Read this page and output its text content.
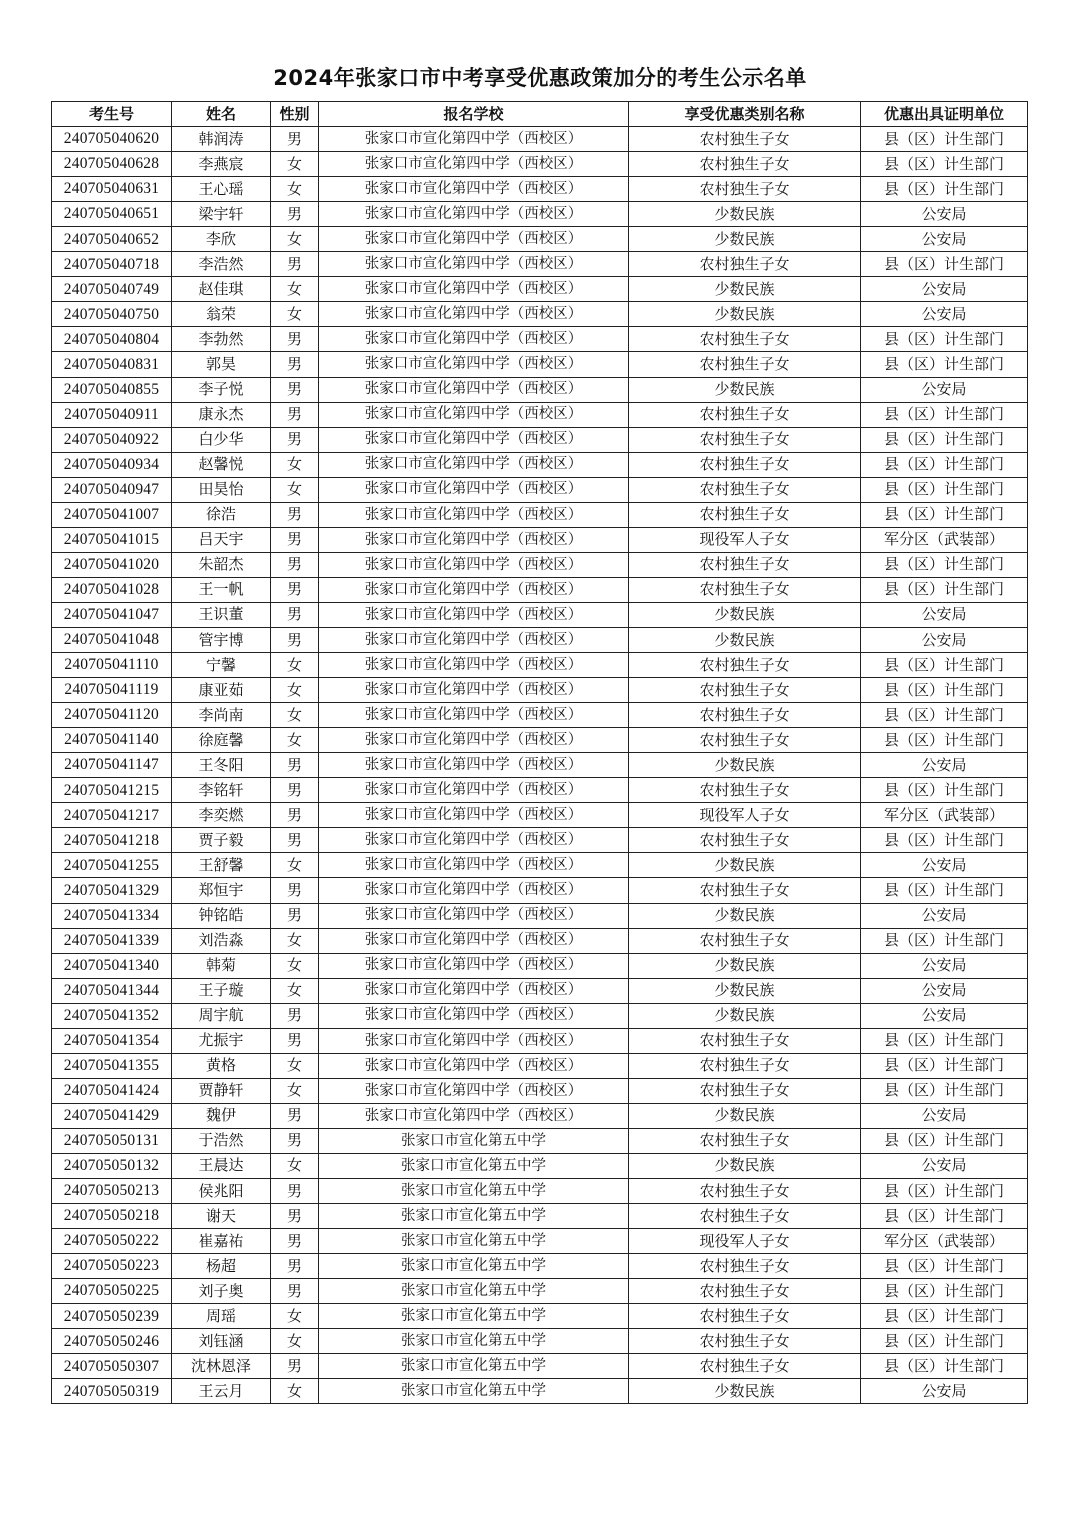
2024年张家口市中考享受优惠政策加分的考生公示名单
考生号	姓名	性别	报名学校	享受优惠类别名称	优惠出具证明单位
240705040620	韩润涛	男	张家口市宣化第四中学（西校区）	农村独生子女	县（区）计生部门
240705040628	李燕宸	女	张家口市宣化第四中学（西校区）	农村独生子女	县（区）计生部门
240705040631	王心瑶	女	张家口市宣化第四中学（西校区）	农村独生子女	县（区）计生部门
240705040651	梁宇轩	男	张家口市宣化第四中学（西校区）	少数民族	公安局
240705040652	李欣	女	张家口市宣化第四中学（西校区）	少数民族	公安局
240705040718	李浩然	男	张家口市宣化第四中学（西校区）	农村独生子女	县（区）计生部门
240705040749	赵佳琪	女	张家口市宣化第四中学（西校区）	少数民族	公安局
240705040750	翁荣	女	张家口市宣化第四中学（西校区）	少数民族	公安局
240705040804	李勃然	男	张家口市宣化第四中学（西校区）	农村独生子女	县（区）计生部门
240705040831	郭昊	男	张家口市宣化第四中学（西校区）	农村独生子女	县（区）计生部门
240705040855	李子悦	男	张家口市宣化第四中学（西校区）	少数民族	公安局
240705040911	康永杰	男	张家口市宣化第四中学（西校区）	农村独生子女	县（区）计生部门
240705040922	白少华	男	张家口市宣化第四中学（西校区）	农村独生子女	县（区）计生部门
240705040934	赵馨悦	女	张家口市宣化第四中学（西校区）	农村独生子女	县（区）计生部门
240705040947	田昊怡	女	张家口市宣化第四中学（西校区）	农村独生子女	县（区）计生部门
240705041007	徐浩	男	张家口市宣化第四中学（西校区）	农村独生子女	县（区）计生部门
240705041015	吕天宇	男	张家口市宣化第四中学（西校区）	现役军人子女	军分区（武装部）
240705041020	朱韶杰	男	张家口市宣化第四中学（西校区）	农村独生子女	县（区）计生部门
240705041028	王一帆	男	张家口市宣化第四中学（西校区）	农村独生子女	县（区）计生部门
240705041047	王识董	男	张家口市宣化第四中学（西校区）	少数民族	公安局
240705041048	管宇博	男	张家口市宣化第四中学（西校区）	少数民族	公安局
240705041110	宁馨	女	张家口市宣化第四中学（西校区）	农村独生子女	县（区）计生部门
240705041119	康亚茹	女	张家口市宣化第四中学（西校区）	农村独生子女	县（区）计生部门
240705041120	李尚南	女	张家口市宣化第四中学（西校区）	农村独生子女	县（区）计生部门
240705041140	徐庭馨	女	张家口市宣化第四中学（西校区）	农村独生子女	县（区）计生部门
240705041147	王冬阳	男	张家口市宣化第四中学（西校区）	少数民族	公安局
240705041215	李铭轩	男	张家口市宣化第四中学（西校区）	农村独生子女	县（区）计生部门
240705041217	李奕燃	男	张家口市宣化第四中学（西校区）	现役军人子女	军分区（武装部）
240705041218	贾子毅	男	张家口市宣化第四中学（西校区）	农村独生子女	县（区）计生部门
240705041255	王舒馨	女	张家口市宣化第四中学（西校区）	少数民族	公安局
240705041329	郑恒宇	男	张家口市宣化第四中学（西校区）	农村独生子女	县（区）计生部门
240705041334	钟铭皓	男	张家口市宣化第四中学（西校区）	少数民族	公安局
240705041339	刘浩淼	女	张家口市宣化第四中学（西校区）	农村独生子女	县（区）计生部门
240705041340	韩菊	女	张家口市宣化第四中学（西校区）	少数民族	公安局
240705041344	王子璇	女	张家口市宣化第四中学（西校区）	少数民族	公安局
240705041352	周宇航	男	张家口市宣化第四中学（西校区）	少数民族	公安局
240705041354	尤振宇	男	张家口市宣化第四中学（西校区）	农村独生子女	县（区）计生部门
240705041355	黄格	女	张家口市宣化第四中学（西校区）	农村独生子女	县（区）计生部门
240705041424	贾静轩	女	张家口市宣化第四中学（西校区）	农村独生子女	县（区）计生部门
240705041429	魏伊	男	张家口市宣化第四中学（西校区）	少数民族	公安局
240705050131	于浩然	男	张家口市宣化第五中学	农村独生子女	县（区）计生部门
240705050132	王晨达	女	张家口市宣化第五中学	少数民族	公安局
240705050213	侯兆阳	男	张家口市宣化第五中学	农村独生子女	县（区）计生部门
240705050218	谢天	男	张家口市宣化第五中学	农村独生子女	县（区）计生部门
240705050222	崔嘉祐	男	张家口市宣化第五中学	现役军人子女	军分区（武装部）
240705050223	杨超	男	张家口市宣化第五中学	农村独生子女	县（区）计生部门
240705050225	刘子奥	男	张家口市宣化第五中学	农村独生子女	县（区）计生部门
240705050239	周瑶	女	张家口市宣化第五中学	农村独生子女	县（区）计生部门
240705050246	刘钰涵	女	张家口市宣化第五中学	农村独生子女	县（区）计生部门
240705050307	沈林恩泽	男	张家口市宣化第五中学	农村独生子女	县（区）计生部门
240705050319	王云月	女	张家口市宣化第五中学	少数民族	公安局
